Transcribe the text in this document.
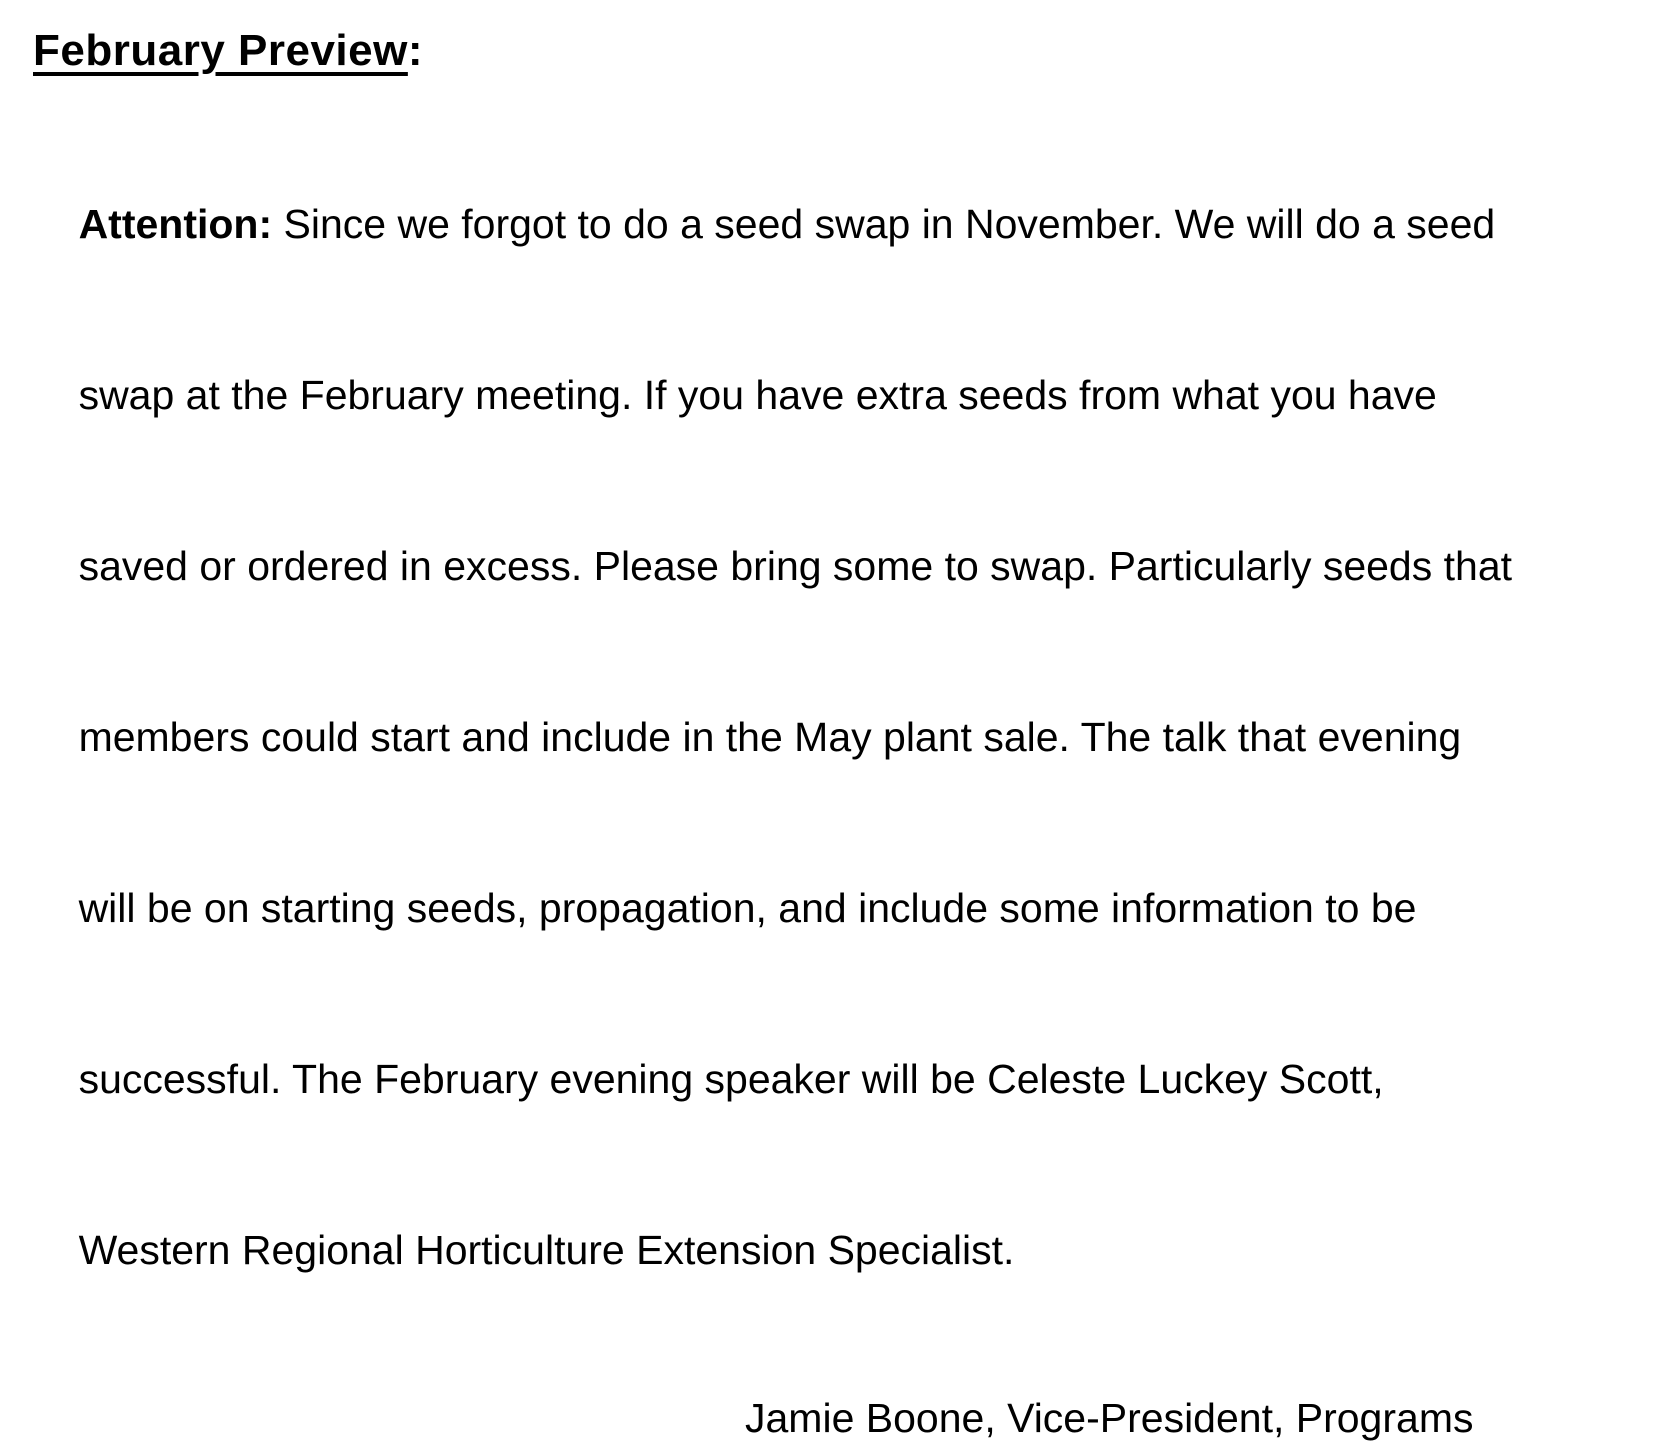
February Preview:

Attention: Since we forgot to do a seed swap in November. We will do a seed

swap at the February meeting. If you have extra seeds from what you have

saved or ordered in excess. Please bring some to swap. Particularly seeds that

members could start and include in the May plant sale. The talk that evening

will be on starting seeds, propagation, and include some information to be

successful. The February evening speaker will be Celeste Luckey Scott,

Western Regional Horticulture Extension Specialist.

Jamie Boone, Vice-President, Programs
